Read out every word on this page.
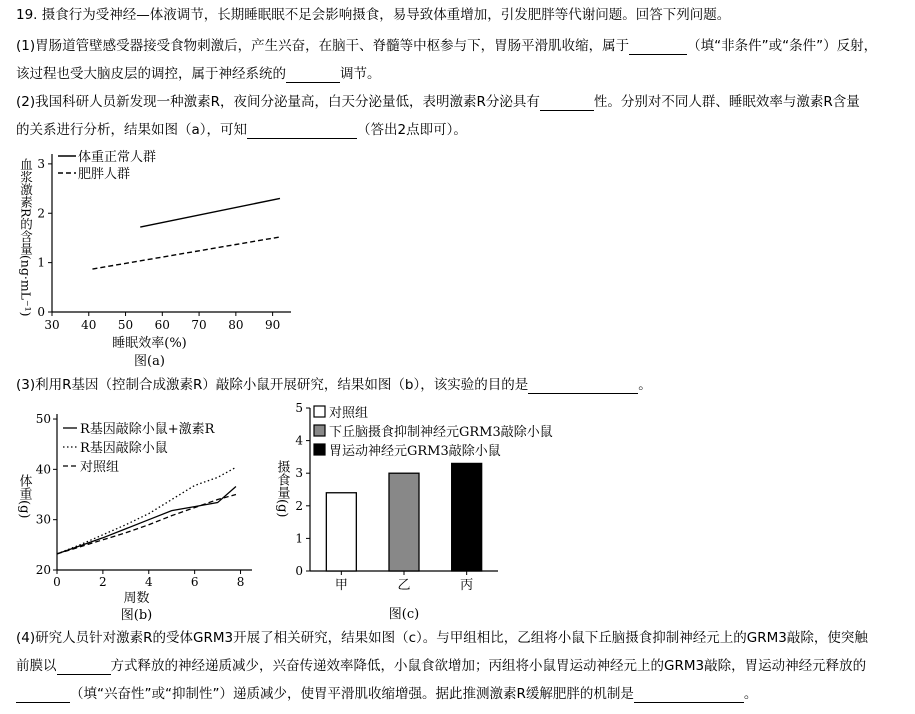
19. 摄食行为受神经—体液调节，长期睡眠眠不足会影响摄食，易导致体重增加，引发肥胖等代谢问题。回答下列问题。
(1)胃肠道管壁感受器接受食物刺激后，产生兴奋，在脑干、脊髓等中枢参与下，胃肠平滑肌收缩，属于	（填“非条件”或“条件”）反射，
该过程也受大脑皮层的调控，属于神经系统的	调节。
(2)我国科研人员新发现一种激素R，夜间分泌量高，白天分泌量低，表明激素R分泌具有	性。分别对不同人群、睡眠效率与激素R含量
的关系进行分析，结果如图（a），可知	（答出2点即可）。
0
1
2
3
30 40 50 60 70 80 90
体重正常人群
肥胖人群
血浆激素R的含量(ng·mL⁻¹)
睡眠效率(%)
图(a)
(3)利用R基因（控制合成激素R）敲除小鼠开展研究，结果如图（b），该实验的目的是	。
20
30
40
50
0	2	4	6	8
R基因敲除小鼠+激素R
R基因敲除小鼠
对照组
体重(g)
周数
图(b)
0
1
2
3
4
5
甲	乙	丙
对照组
下丘脑摄食抑制神经元GRM3敲除小鼠
胃运动神经元GRM3敲除小鼠
摄食量(g)
图(c)
(4)研究人员针对激素R的受体GRM3开展了相关研究，结果如图（c）。与甲组相比，乙组将小鼠下丘脑摄食抑制神经元上的GRM3敲除，使突触
前膜以	方式释放的神经递质减少，兴奋传递效率降低，小鼠食欲增加；丙组将小鼠胃运动神经元上的GRM3敲除，胃运动神经元释放的
（填“兴奋性”或“抑制性”）递质减少，使胃平滑肌收缩增强。据此推测激素R缓解肥胖的机制是	。
